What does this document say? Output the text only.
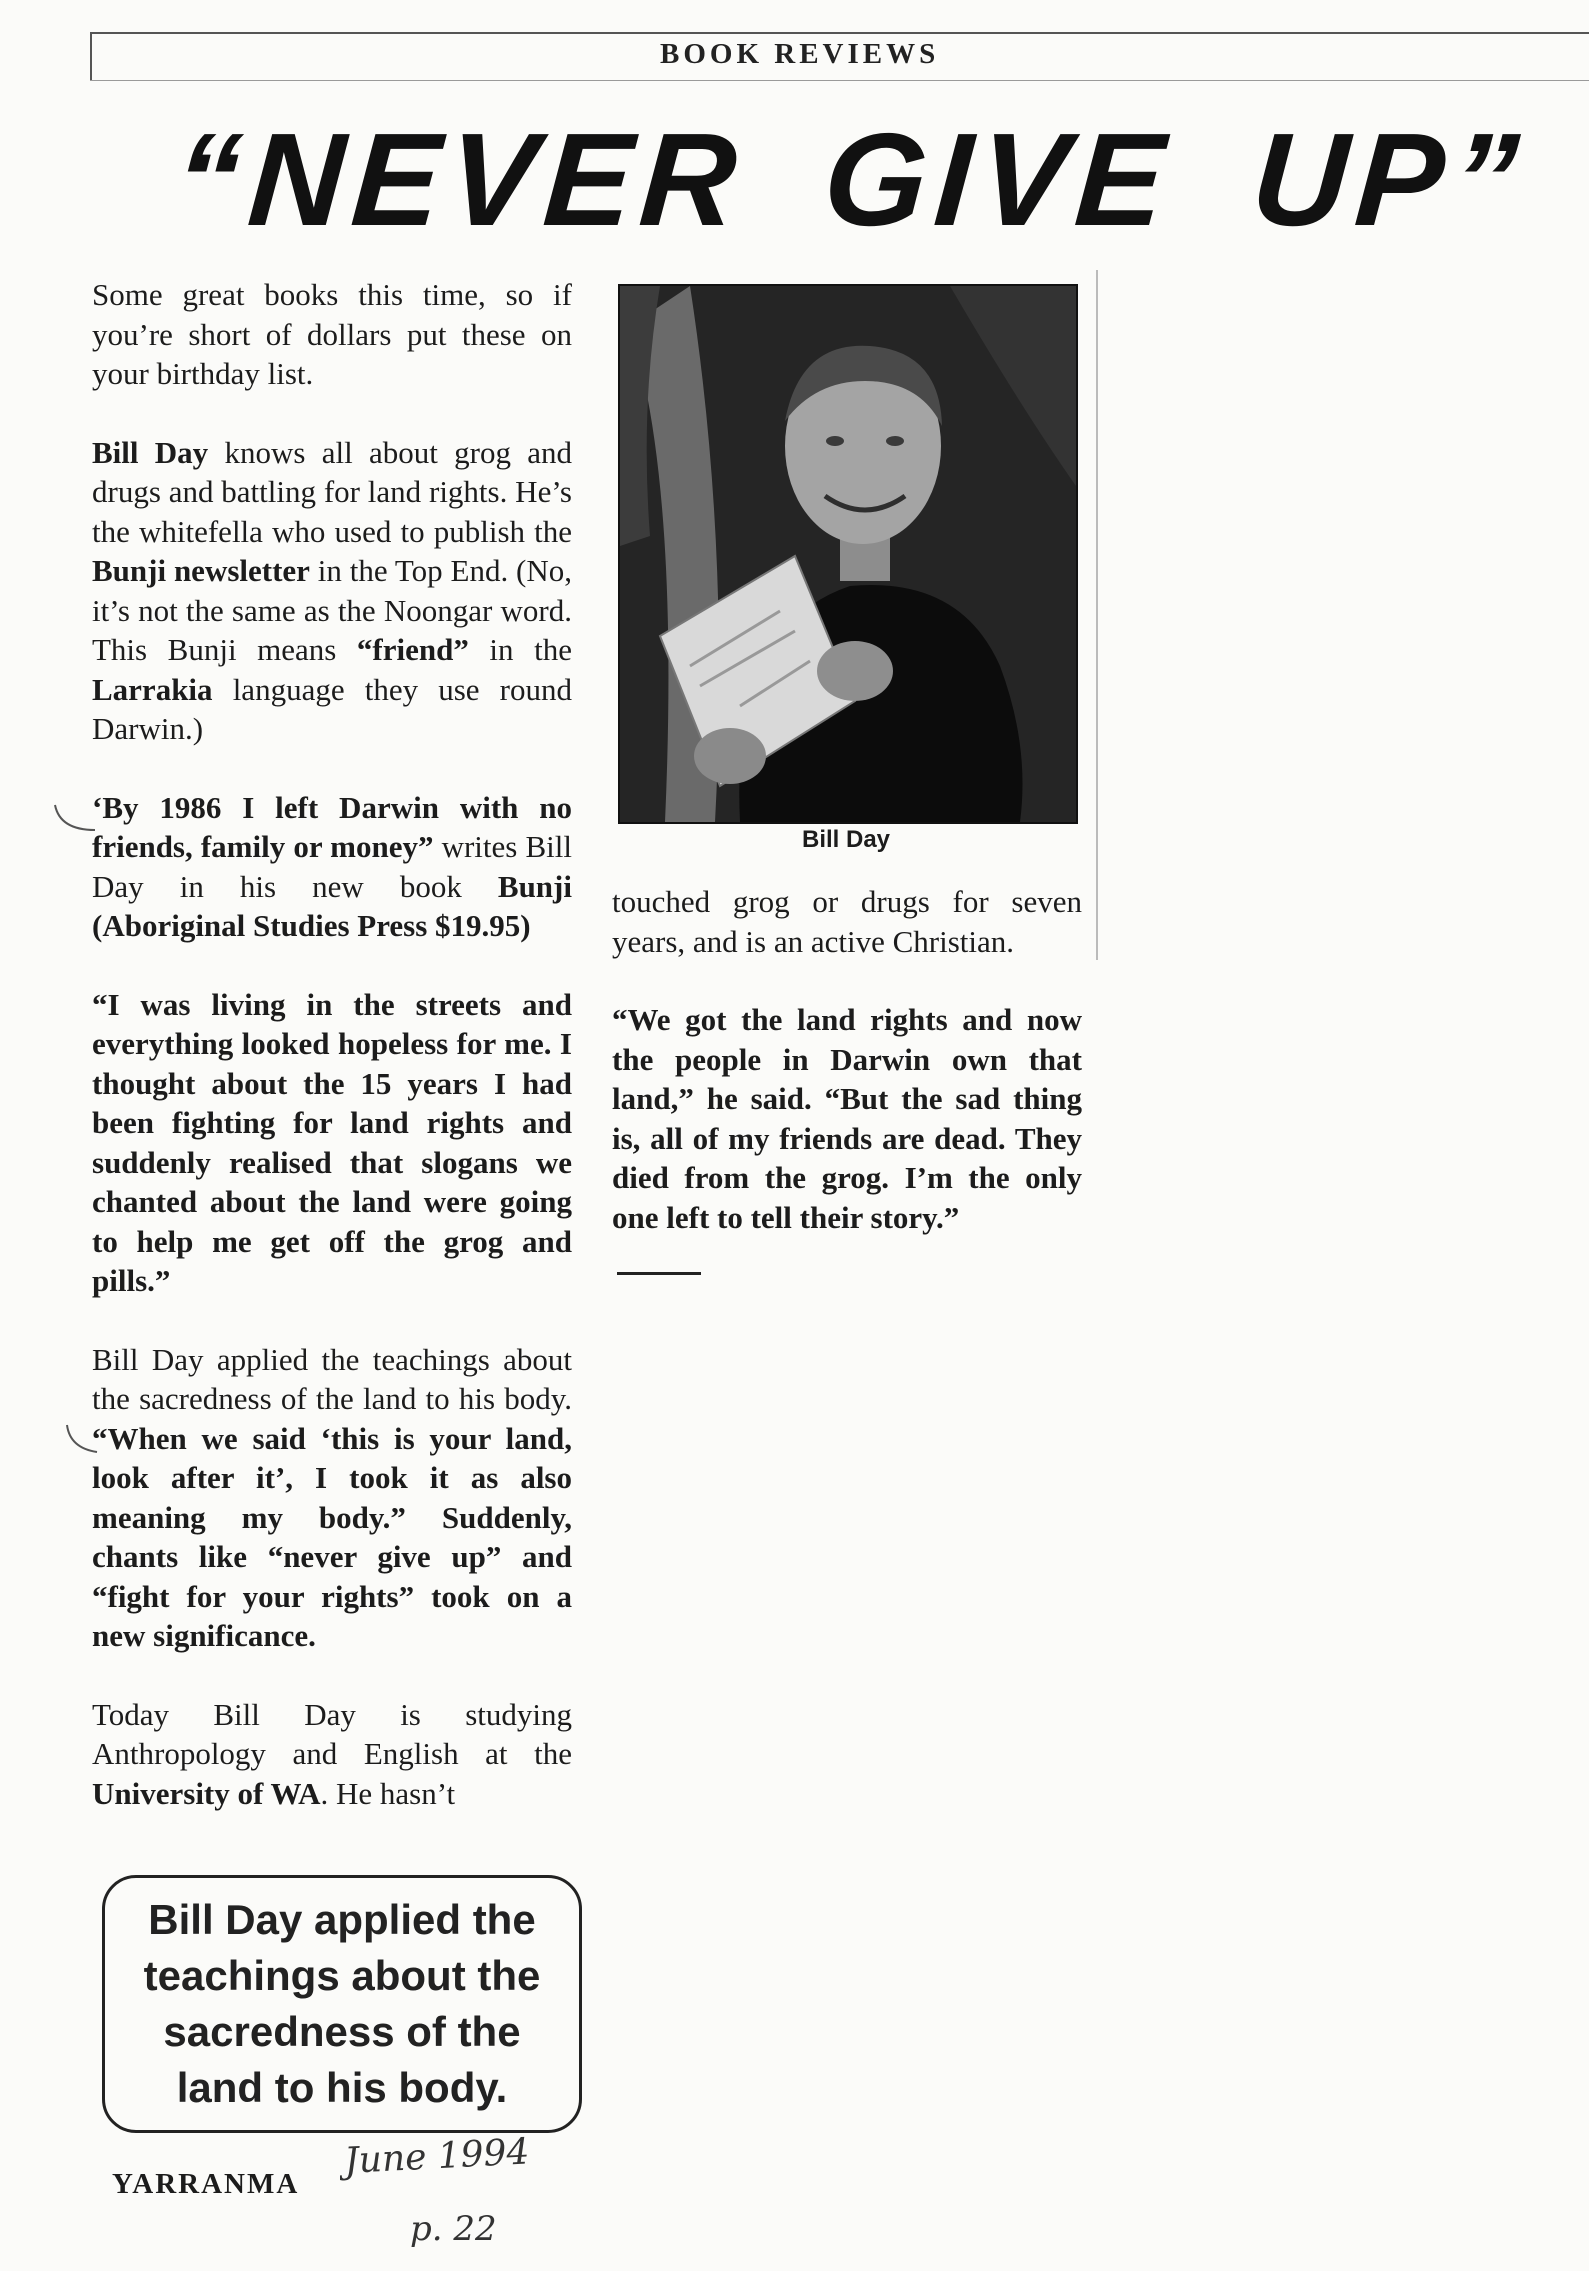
BOOK REVIEWS
“NEVER GIVE UP”

Some great books this time, so if you’re short of dollars put these on your birthday list.

Bill Day knows all about grog and drugs and battling for land rights. He’s the whitefella who used to publish the Bunji newsletter in the Top End. (No, it’s not the same as the Noongar word. This Bunji means “friend” in the Larrakia language they use round Darwin.)

‘By 1986 I left Darwin with no friends, family or money” writes Bill Day in his new book Bunji (Aboriginal Studies Press $19.95)

“I was living in the streets and everything looked hopeless for me. I thought about the 15 years I had been fighting for land rights and suddenly realised that slogans we chanted about the land were going to help me get off the grog and pills.”

Bill Day applied the teachings about the sacredness of the land to his body. “When we said ‘this is your land, look after it’, I took it as also meaning my body.” Suddenly, chants like “never give up” and “fight for your rights” took on a new significance.

Today Bill Day is studying Anthropology and English at the University of WA. He hasn’t

Bill Day

touched grog or drugs for seven years, and is an active Christian.

“We got the land rights and now the people in Darwin own that land,” he said. “But the sad thing is, all of my friends are dead. They died from the grog. I’m the only one left to tell their story.”

Bill Day applied the teachings about the sacredness of the land to his body.
YARRANMA
June 1994
p. 22
